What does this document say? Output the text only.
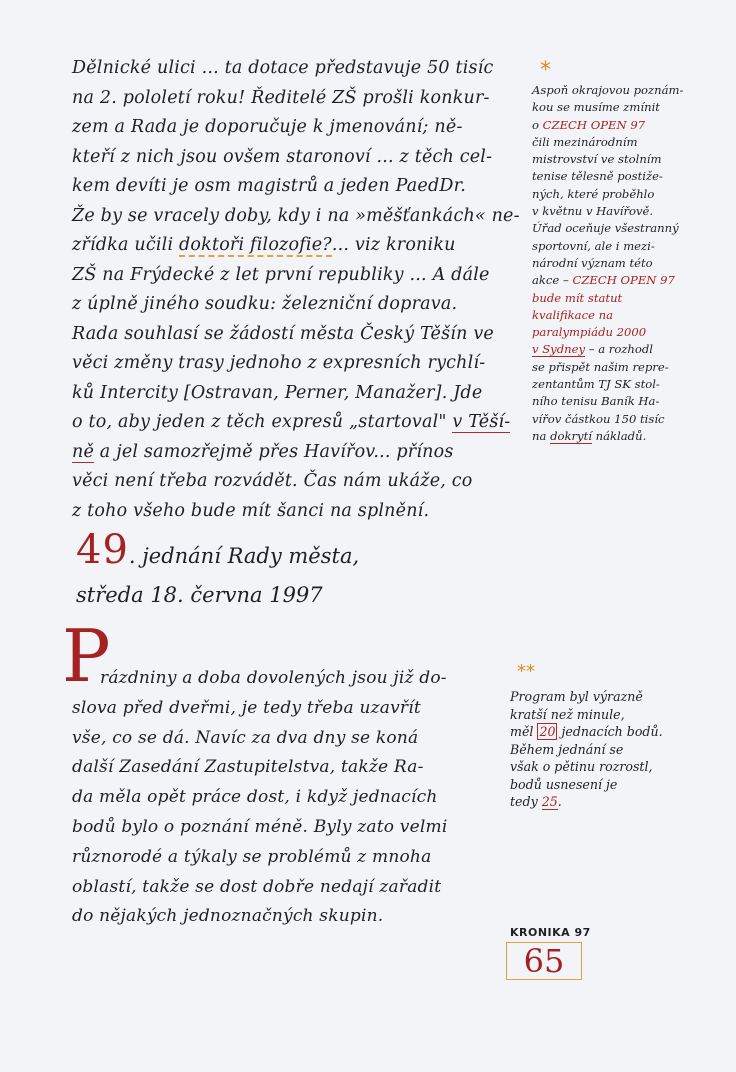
Dělnické ulici ... ta dotace představuje 50 tisíc
na 2. pololetí roku! Ředitelé ZŠ prošli konkur-
zem a Rada je doporučuje k jmenování; ně-
kteří z nich jsou ovšem staronoví ... z těch cel-
kem devíti je osm magistrů a jeden PaedDr.
Že by se vracely doby, kdy i na »měšťankách« ne-
zřídka učili doktoři filozofie?... viz kroniku
ZŠ na Frýdecké z let první republiky ... A dále
z úplně jiného soudku: železniční doprava.
Rada souhlasí se žádostí města Český Těšín ve
věci změny trasy jednoho z expresních rychlí-
ků Intercity [Ostravan, Perner, Manažer]. Jde
o to, aby jeden z těch expresů „startoval" v Těší-
ně a jel samozřejmě přes Havířov... přínos
věci není třeba rozvádět. Čas nám ukáže, co
z toho všeho bude mít šanci na splnění.
*
Aspoň okrajovou poznám-
kou se musíme zmínit
o CZECH OPEN 97
čili mezinárodním
mistrovství ve stolním
tenise tělesně postiže-
ných, které proběhlo
v květnu v Havířově.
Úřad oceňuje všestranný
sportovní, ale i mezi-
národní význam této
akce – CZECH OPEN 97
bude mít statut
kvalifikace na
paralympiádu 2000
v Sydney – a rozhodl
se přispět našim repre-
zentantům TJ SK stol-
ního tenisu Baník Ha-
vířov částkou 150 tisíc
na dokrytí nákladů.
49. jednání Rady města,
středa 18. června 1997
P
rázdniny a doba dovolených jsou již do-
slova před dveřmi, je tedy třeba uzavřít
vše, co se dá. Navíc za dva dny se koná
další Zasedání Zastupitelstva, takže Ra-
da měla opět práce dost, i když jednacích
bodů bylo o poznání méně. Byly zato velmi
různorodé a týkaly se problémů z mnoha
oblastí, takže se dost dobře nedají zařadit
do nějakých jednoznačných skupin.
**
Program byl výrazně
kratší než minule,
měl 20 jednacích bodů.
Během jednání se
však o pětinu rozrostl,
bodů usnesení je
tedy 25.
KRONIKA 97
65
